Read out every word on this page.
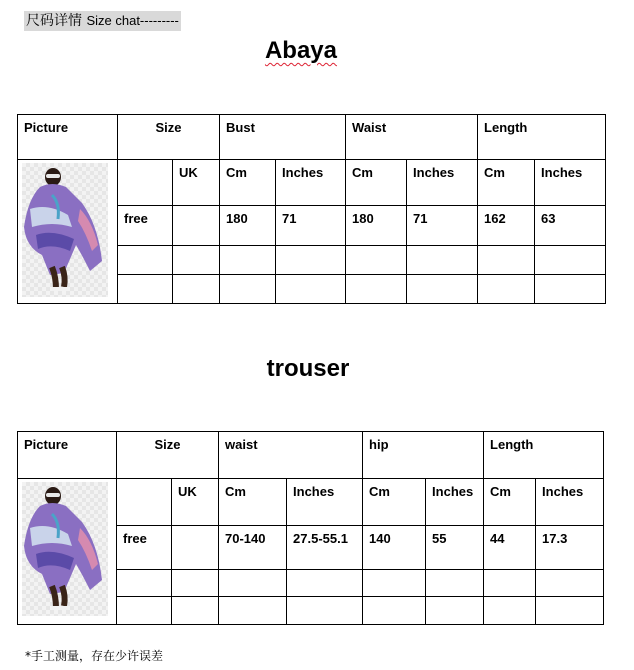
尺码详情 Size chat---------
Abaya
Picture	Size		Bust		Waist		Length	

		UK	Cm	Inches	Cm	Inches	Cm	Inches
	free		180	71	180	71	162	63

trouser
Picture	Size		waist		hip		Length	

		UK	Cm	Inches	Cm	Inches	Cm	Inches
	free		70-140	27.5-55.1	140	55	44	17.3

*手工测量，存在少许误差
